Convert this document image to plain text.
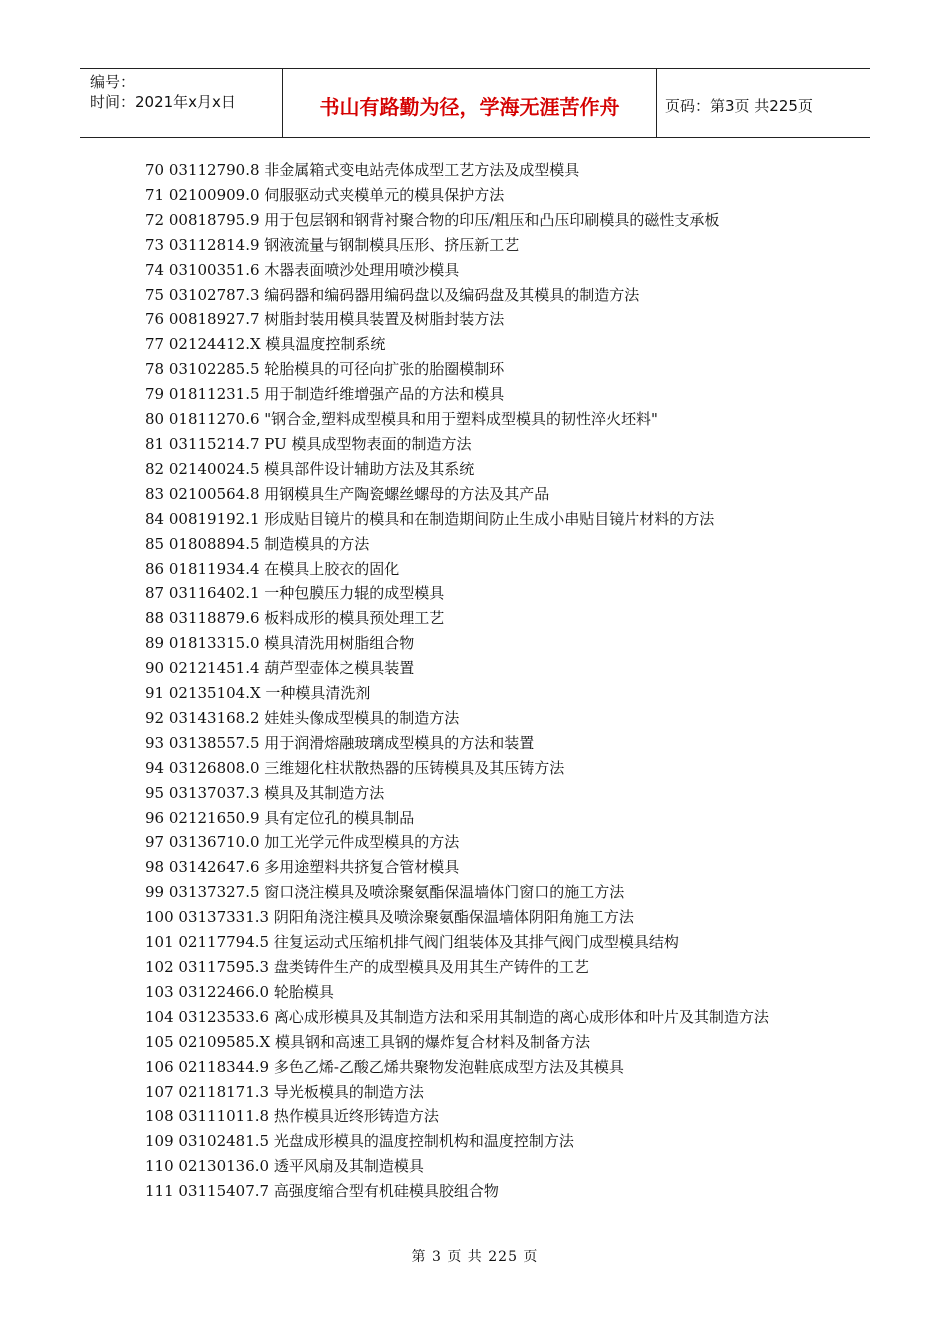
编号：
时间：2021年x月x日	书山有路勤为径，学海无涯苦作舟	页码：第3页 共225页
70 03112790.8 非金属箱式变电站壳体成型工艺方法及成型模具
71 02100909.0 伺服驱动式夹模单元的模具保护方法
72 00818795.9 用于包层钢和钢背衬聚合物的印压/粗压和凸压印刷模具的磁性支承板
73 03112814.9 钢液流量与钢制模具压形、挤压新工艺
74 03100351.6 木器表面喷沙处理用喷沙模具
75 03102787.3 编码器和编码器用编码盘以及编码盘及其模具的制造方法
76 00818927.7 树脂封装用模具装置及树脂封装方法
77 02124412.X 模具温度控制系统
78 03102285.5 轮胎模具的可径向扩张的胎圈模制环
79 01811231.5 用于制造纤维增强产品的方法和模具
80 01811270.6 "钢合金,塑料成型模具和用于塑料成型模具的韧性淬火坯料"
81 03115214.7 PU 模具成型物表面的制造方法
82 02140024.5 模具部件设计辅助方法及其系统
83 02100564.8 用钢模具生产陶瓷螺丝螺母的方法及其产品
84 00819192.1 形成贴目镜片的模具和在制造期间防止生成小串贴目镜片材料的方法
85 01808894.5 制造模具的方法
86 01811934.4 在模具上胶衣的固化
87 03116402.1 一种包膜压力辊的成型模具
88 03118879.6 板料成形的模具预处理工艺
89 01813315.0 模具清洗用树脂组合物
90 02121451.4 葫芦型壶体之模具装置
91 02135104.X 一种模具清洗剂
92 03143168.2 娃娃头像成型模具的制造方法
93 03138557.5 用于润滑熔融玻璃成型模具的方法和装置
94 03126808.0 三维翅化柱状散热器的压铸模具及其压铸方法
95 03137037.3 模具及其制造方法
96 02121650.9 具有定位孔的模具制品
97 03136710.0 加工光学元件成型模具的方法
98 03142647.6 多用途塑料共挤复合管材模具
99 03137327.5 窗口浇注模具及喷涂聚氨酯保温墙体门窗口的施工方法
100 03137331.3 阴阳角浇注模具及喷涂聚氨酯保温墙体阴阳角施工方法
101 02117794.5 往复运动式压缩机排气阀门组装体及其排气阀门成型模具结构
102 03117595.3 盘类铸件生产的成型模具及用其生产铸件的工艺
103 03122466.0 轮胎模具
104 03123533.6 离心成形模具及其制造方法和采用其制造的离心成形体和叶片及其制造方法
105 02109585.X 模具钢和高速工具钢的爆炸复合材料及制备方法
106 02118344.9 多色乙烯-乙酸乙烯共聚物发泡鞋底成型方法及其模具
107 02118171.3 导光板模具的制造方法
108 03111011.8 热作模具近终形铸造方法
109 03102481.5 光盘成形模具的温度控制机构和温度控制方法
110 02130136.0 透平风扇及其制造模具
111 03115407.7 高强度缩合型有机硅模具胶组合物
第 3 页 共 225 页
